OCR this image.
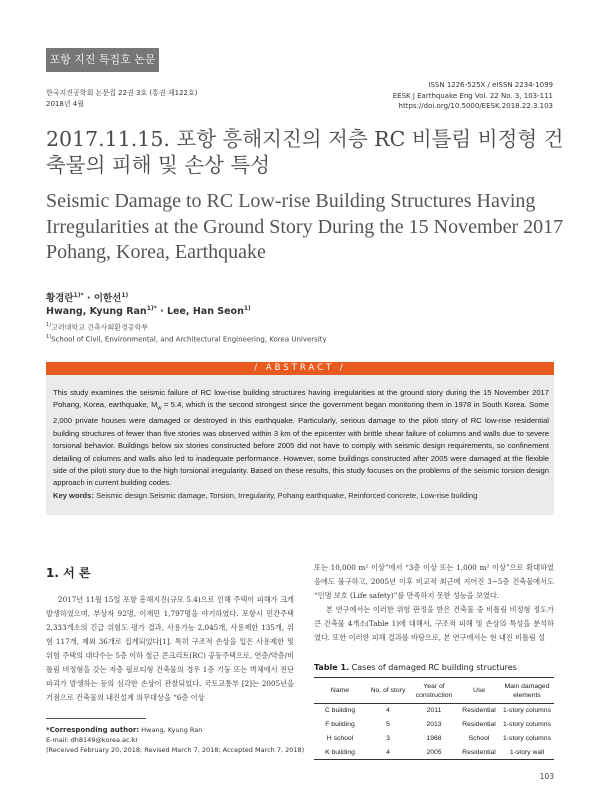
포항 지진 특집호 논문
한국지진공학회 논문집 22권 3호 (통권 제122호)
2018년 4월
ISSN 1226-525X / eISSN 2234-1099
EESK J Earthquake Eng Vol. 22 No. 3, 103-111
https://doi.org/10.5000/EESK.2018.22.3.103
2017.11.15. 포항 흥해지진의 저층 RC 비틀림 비정형 건축물의 피해 및 손상 특성
Seismic Damage to RC Low-rise Building Structures Having Irregularities at the Ground Story During the 15 November 2017 Pohang, Korea, Earthquake
황경란$^{1)*}$ · 이한선$^{1)}$
Hwang, Kyung Ran$^{1)*}$ · Lee, Han Seon$^{1)}$
$^{1)}$고려대학교 건축사회환경공학부
$^{1)}$School of Civil, Environmental, and Architectural Engineering, Korea University
/ ABSTRACT /
This study examines the seismic failure of RC low-rise building structures having irregularities at the ground story during the 15 November 2017 Pohang, Korea, earthquake, $M_w = 5.4$, which is the second strongest since the government began monitoring them in 1978 in South Korea. Some 2,000 private houses were damaged or destroyed in this earthquake. Particularly, serious damage to the piloti story of RC low-rise residential building structures of fewer than five stories was observed within 3 km of the epicenter with brittle shear failure of columns and walls due to severe torsional behavior. Buildings below six stories constructed before 2005 did not have to comply with seismic design requirements, so confinement detailing of columns and walls also led to inadequate performance. However, some buildings constructed after 2005 were damaged at the flexible side of the piloti story due to the high torsional irregularity. Based on these results, this study focuses on the problems of the seismic torsion design approach in current building codes.
Key words: Seismic design Seismic damage, Torsion, Irregularity, Pohang earthquake, Reinforced concrete, Low-rise building
1. 서 론
2017년 11월 15일 포항 흥해지진(규모 5.4)으로 인해 주택이 피해가 크게 발생하였으며, 부상자 92명, 이재민 1,797명을 야기하였다. 포항시 민간주택 2,333개소의 긴급 위험도 평가 결과, 사용가능 2,045개, 사용제한 135개, 위험 117개, 제외 36개로 집계되었다[1]. 특히 구조적 손상을 입은 사용제한 및 위험 주택의 대다수는 5층 이하 철근 콘크리트(RC) 공동주택으로, 연층/약층/비틀림 비정형을 갖는 저층 필로티형 건축물의 경우 1층 기둥 또는 벽체에서 전단파괴가 발생하는 등의 심각한 손상이 관찰되었다. 국토교통부 [2]는 2005년을 기점으로 건축물의 내진설계 의무대상을 “6층 이상

또는 10,000 m² 이상”에서 “3층 이상 또는 1,000 m² 이상”으로 확대하였음에도 불구하고, 2005년 이후 비교적 최근에 지어진 3~5층 건축물에서도 “인명 보호 (Life safety)”를 만족하지 못한 성능을 보였다.

본 연구에서는 이러한 위험 판정을 받은 건축물 중 비틀림 비정형 정도가 큰 건축물 4개소(Table 1)에 대해서, 구조적 피해 및 손상의 특성을 분석하였다. 또한 이러한 피해 결과를 바탕으로, 본 연구에서는 현 내진 비틀림 설

*Corresponding author: Hwang, Kyung Ran
E-mail: dh8149@korea.ac.kr
(Received February 20, 2018; Revised March 7, 2018; Accepted March 7, 2018)
Table 1. Cases of damaged RC building structures
Name	No. of story	Year of construction	Use	Main damaged elements
C building	4	2011	Residential	1-story columns
F building	5	2013	Residential	1-story columns
H school	3	1968	School	1-story columns
K building	4	2005	Residential	1-story wall
103
